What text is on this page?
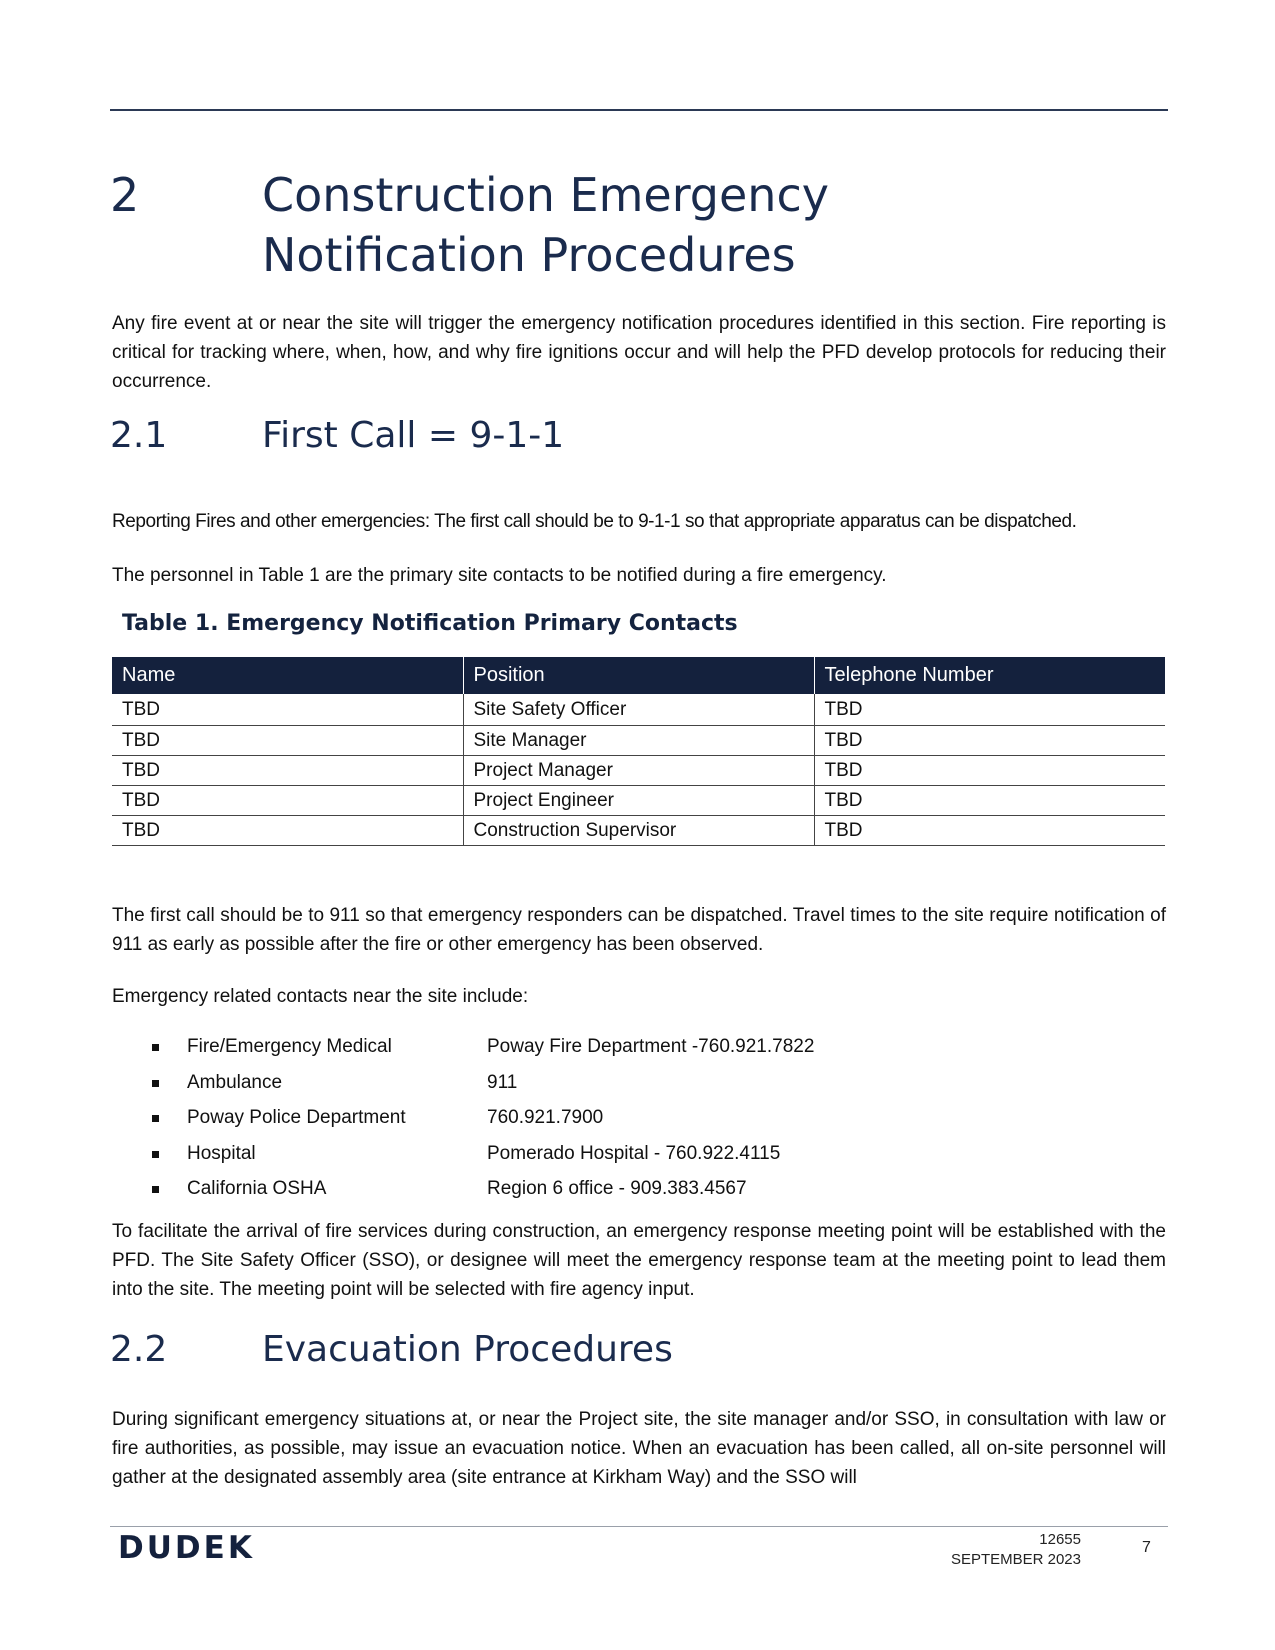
2	Construction Emergency Notification Procedures

Any fire event at or near the site will trigger the emergency notification procedures identified in this section. Fire reporting is critical for tracking where, when, how, and why fire ignitions occur and will help the PFD develop protocols for reducing their occurrence.

2.1	First Call = 9-1-1

Reporting Fires and other emergencies: The first call should be to 9-1-1 so that appropriate apparatus can be dispatched.

The personnel in Table 1 are the primary site contacts to be notified during a fire emergency.

Table 1. Emergency Notification Primary Contacts
Name	Position	Telephone Number
TBD	Site Safety Officer	TBD
TBD	Site Manager	TBD
TBD	Project Manager	TBD
TBD	Project Engineer	TBD
TBD	Construction Supervisor	TBD

The first call should be to 911 so that emergency responders can be dispatched. Travel times to the site require notification of 911 as early as possible after the fire or other emergency has been observed.

Emergency related contacts near the site include:

Fire/Emergency Medical	Poway Fire Department -760.921.7822
Ambulance	911
Poway Police Department	760.921.7900
Hospital	Pomerado Hospital - 760.922.4115
California OSHA	Region 6 office - 909.383.4567

To facilitate the arrival of fire services during construction, an emergency response meeting point will be established with the PFD. The Site Safety Officer (SSO), or designee will meet the emergency response team at the meeting point to lead them into the site. The meeting point will be selected with fire agency input.

2.2	Evacuation Procedures

During significant emergency situations at, or near the Project site, the site manager and/or SSO, in consultation with law or fire authorities, as possible, may issue an evacuation notice. When an evacuation has been called, all on-site personnel will gather at the designated assembly area (site entrance at Kirkham Way) and the SSO will

DUDEK	12655
SEPTEMBER 2023
7
